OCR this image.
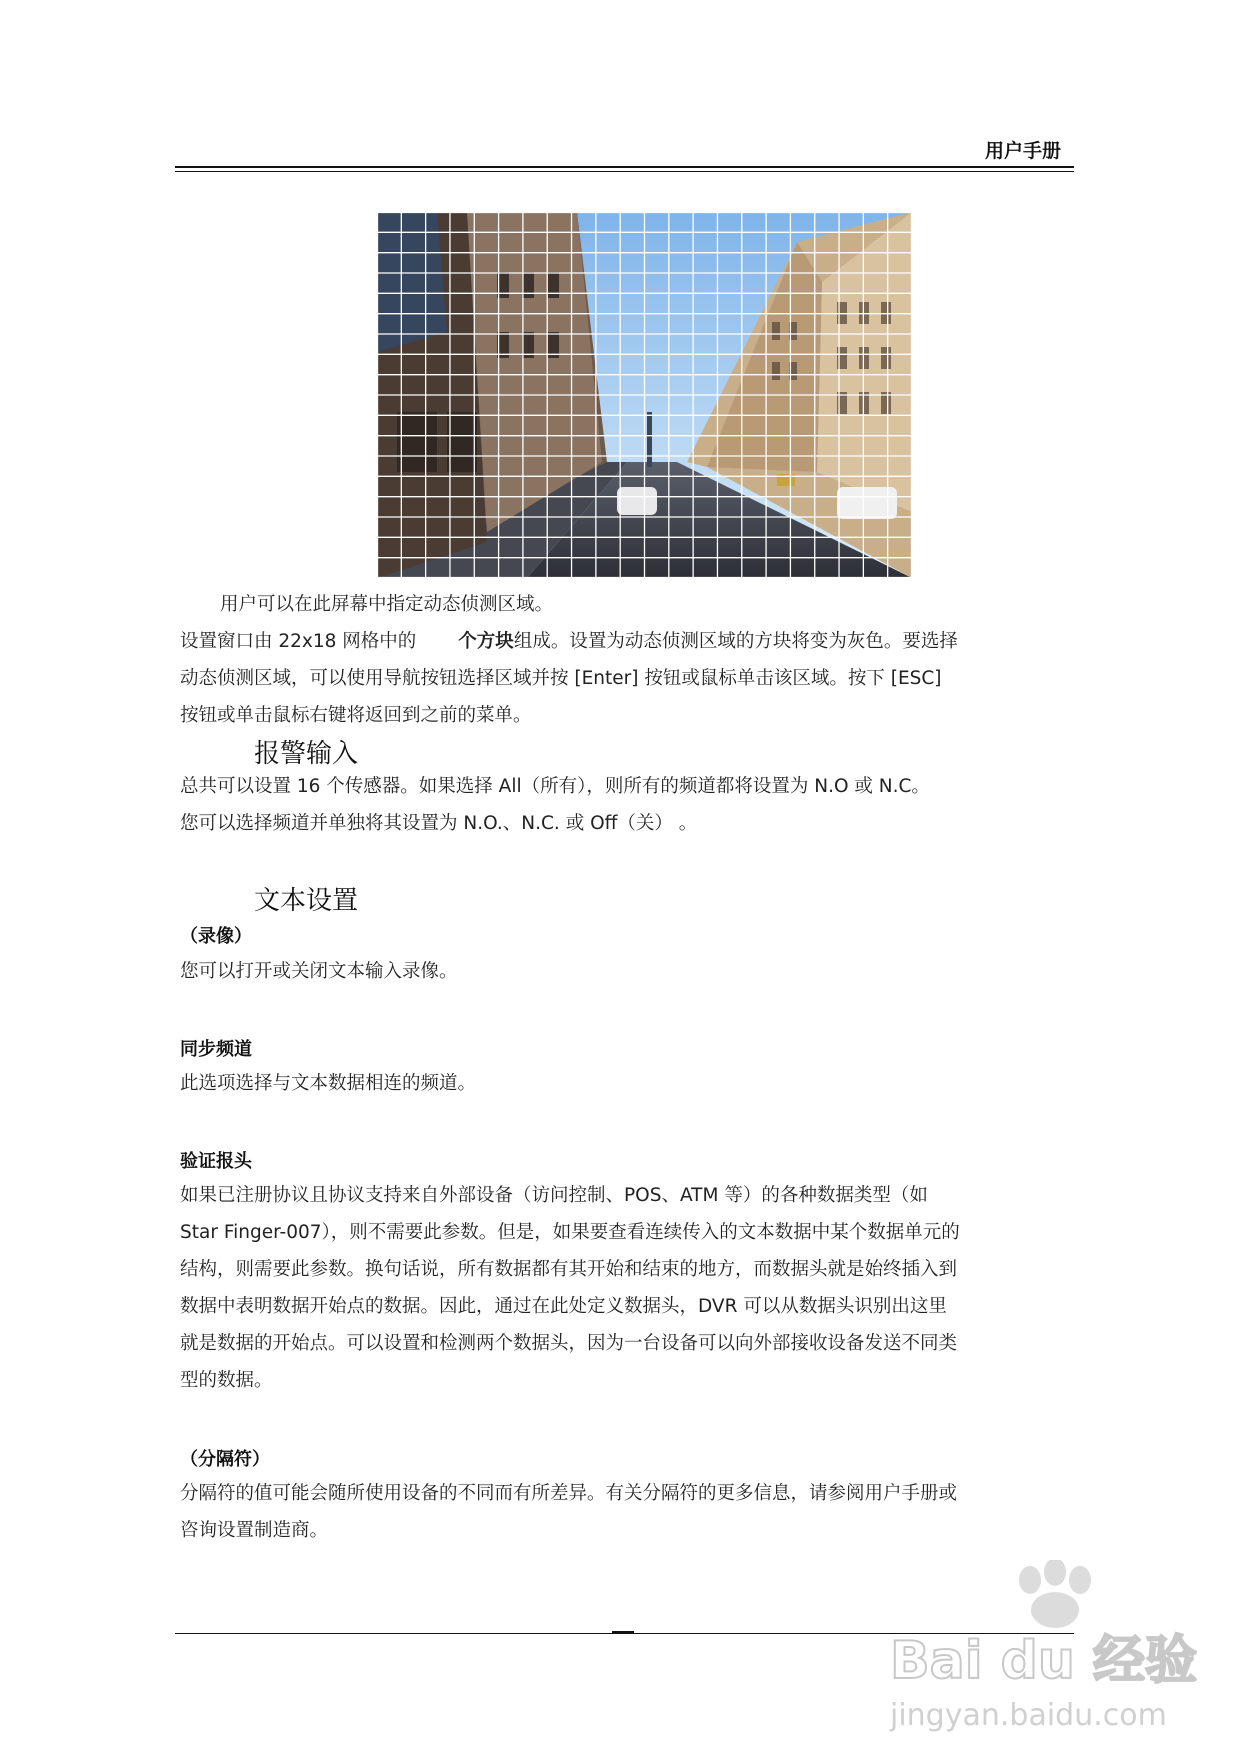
用户手册
用户可以在此屏幕中指定动态侦测区域。
设置窗口由 22x18 网格中的 个方块组成。设置为动态侦测区域的方块将变为灰色。要选择
动态侦测区域，可以使用导航按钮选择区域并按 [Enter] 按钮或鼠标单击该区域。按下 [ESC]
按钮或单击鼠标右键将返回到之前的菜单。
报警输入
总共可以设置 16 个传感器。如果选择 All（所有），则所有的频道都将设置为 N.O 或 N.C。
您可以选择频道并单独将其设置为 N.O.、N.C. 或 Off（关） 。
文本设置
（录像）
您可以打开或关闭文本输入录像。
同步频道
此选项选择与文本数据相连的频道。
验证报头
如果已注册协议且协议支持来自外部设备（访问控制、POS、ATM 等）的各种数据类型（如
Star Finger-007），则不需要此参数。但是，如果要查看连续传入的文本数据中某个数据单元的
结构，则需要此参数。换句话说，所有数据都有其开始和结束的地方，而数据头就是始终插入到
数据中表明数据开始点的数据。因此，通过在此处定义数据头，DVR 可以从数据头识别出这里
就是数据的开始点。可以设置和检测两个数据头，因为一台设备可以向外部接收设备发送不同类
型的数据。
（分隔符）
分隔符的值可能会随所使用设备的不同而有所差异。有关分隔符的更多信息，请参阅用户手册或
咨询设置制造商。
Bai du 经验
jingyan.baidu.com
